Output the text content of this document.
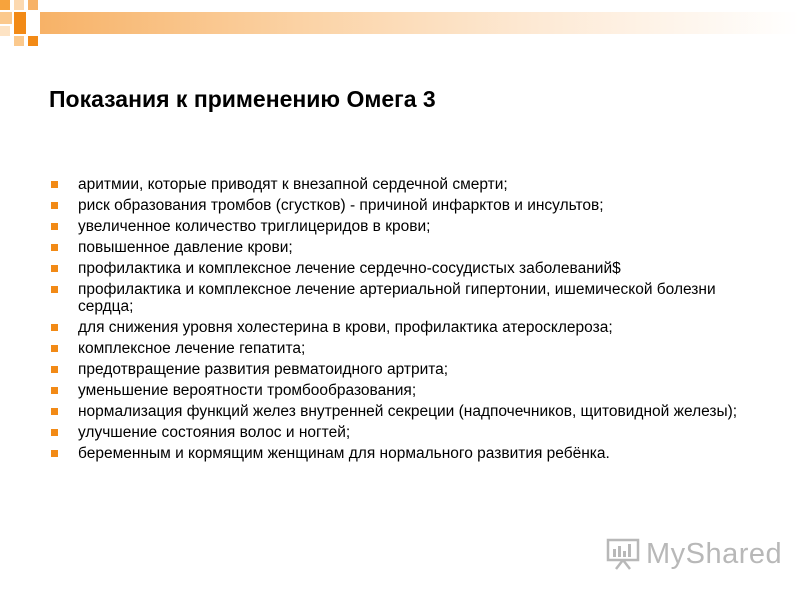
Показания к применению Омега 3
аритмии, которые приводят к внезапной сердечной смерти;
риск образования тромбов (сгустков) - причиной инфарктов и инсультов;
увеличенное количество триглицеридов в крови;
повышенное давление крови;
профилактика и комплексное лечение сердечно-сосудистых заболеваний$
профилактика и комплексное лечение артериальной гипертонии, ишемической болезни сердца;
для снижения уровня холестерина в крови, профилактика атеросклероза;
комплексное лечение гепатита;
предотвращение развития ревматоидного артрита;
уменьшение вероятности тромбообразования;
нормализация функций желез внутренней секреции (надпочечников, щитовидной железы);
улучшение состояния волос и ногтей;
беременным и кормящим женщинам для нормального развития ребёнка.
MyShared
